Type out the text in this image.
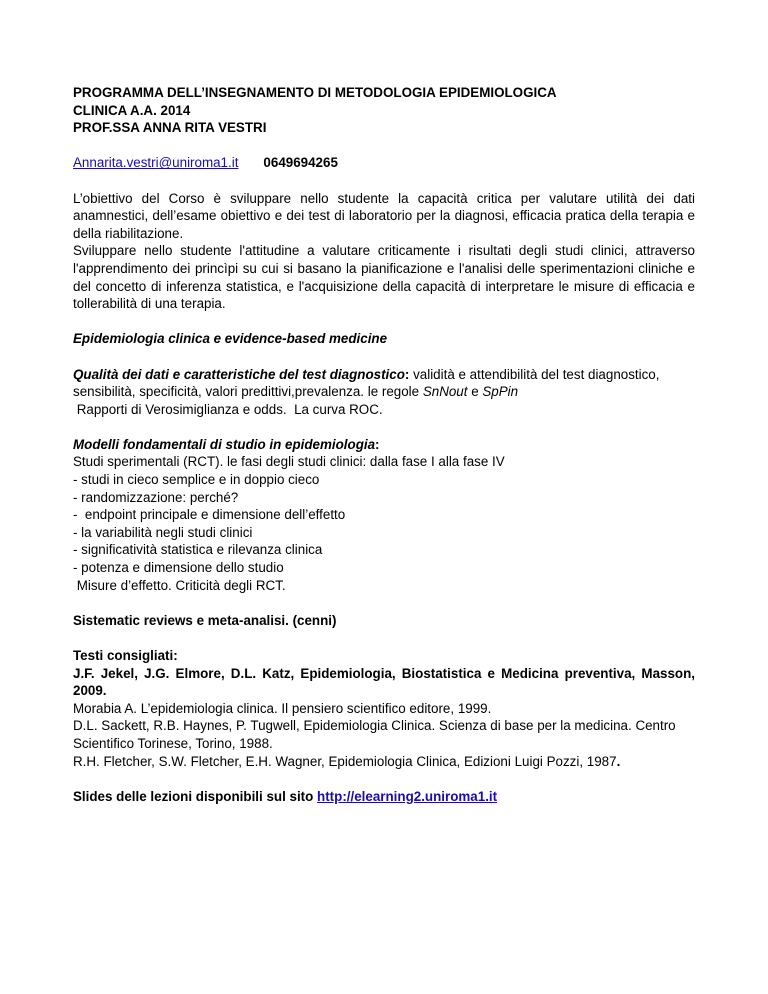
PROGRAMMA DELL’INSEGNAMENTO DI METODOLOGIA EPIDEMIOLOGICA

CLINICA A.A. 2014

PROF.SSA ANNA RITA VESTRI

Annarita.vestri@uniroma1.it 0649694265

L’obiettivo del Corso è sviluppare nello studente la capacità critica per valutare utilità dei dati anamnestici, dell’esame obiettivo e dei test di laboratorio per la diagnosi, efficacia pratica della terapia e della riabilitazione.

Sviluppare nello studente l'attitudine a valutare criticamente i risultati degli studi clinici, attraverso l'apprendimento dei princìpi su cui si basano la pianificazione e l'analisi delle sperimentazioni cliniche e del concetto di inferenza statistica, e l'acquisizione della capacità di interpretare le misure di efficacia e tollerabilità di una terapia.

Epidemiologia clinica e evidence-based medicine

Qualità dei dati e caratteristiche del test diagnostico: validità e attendibilità del test diagnostico, sensibilità, specificità, valori predittivi,prevalenza. le regole SnNout e SpPin

Rapporti di Verosimiglianza e odds.  La curva ROC.

Modelli fondamentali di studio in epidemiologia:

Studi sperimentali (RCT). le fasi degli studi clinici: dalla fase I alla fase IV

- studi in cieco semplice e in doppio cieco

- randomizzazione: perché?

-  endpoint principale e dimensione dell’effetto

- la variabilità negli studi clinici

- significatività statistica e rilevanza clinica

- potenza e dimensione dello studio

Misure d’effetto. Criticità degli RCT.

Sistematic reviews e meta-analisi. (cenni)

Testi consigliati:

J.F. Jekel, J.G. Elmore, D.L. Katz, Epidemiologia, Biostatistica e Medicina preventiva, Masson, 2009.

Morabia A. L’epidemiologia clinica. Il pensiero scientifico editore, 1999.

D.L. Sackett, R.B. Haynes, P. Tugwell, Epidemiologia Clinica. Scienza di base per la medicina. Centro Scientifico Torinese, Torino, 1988.

R.H. Fletcher, S.W. Fletcher, E.H. Wagner, Epidemiologia Clinica, Edizioni Luigi Pozzi, 1987.

Slides delle lezioni disponibili sul sito http://elearning2.uniroma1.it
